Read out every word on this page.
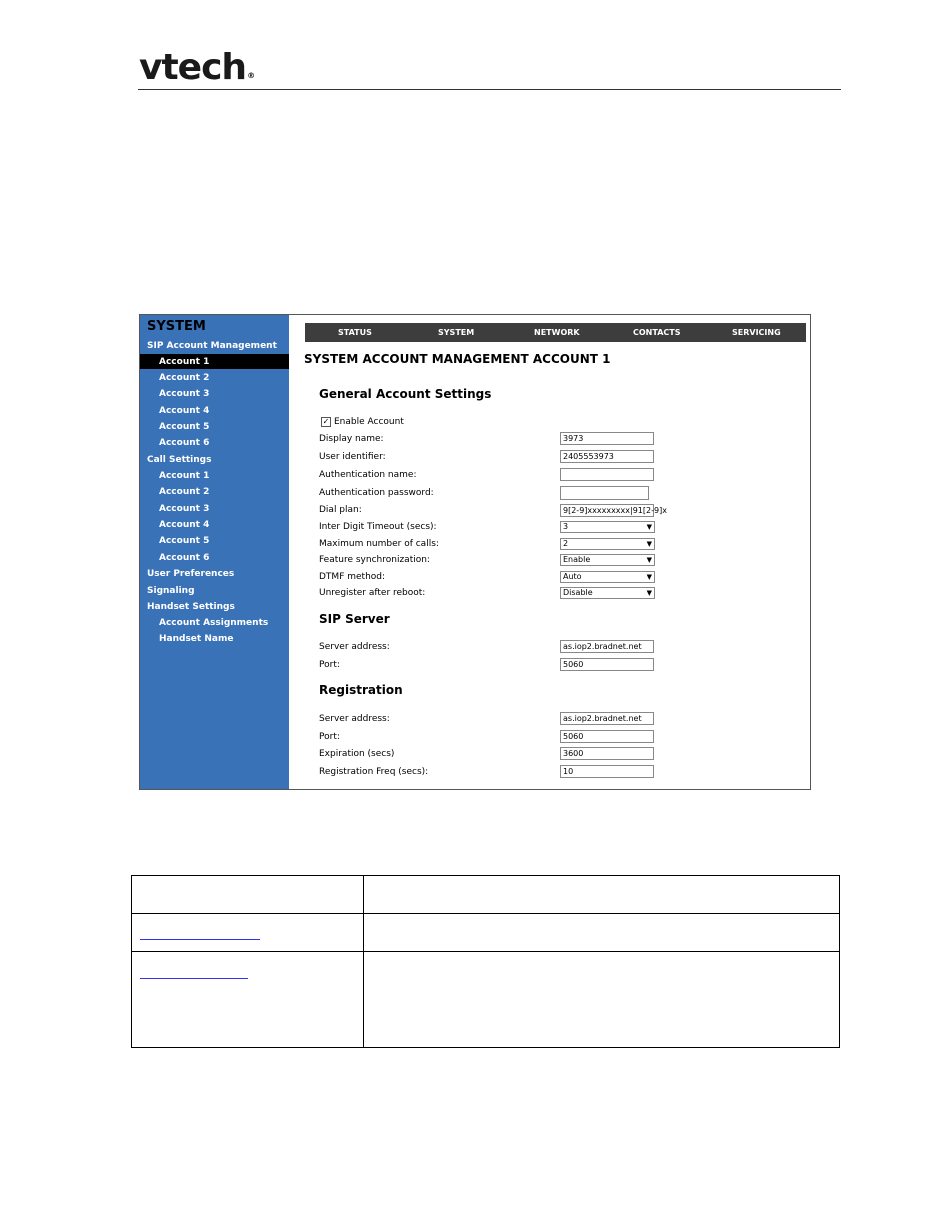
vtech®
SYSTEM
SIP Account Management
Account 1
Account 2
Account 3
Account 4
Account 5
Account 6
Call Settings
Account 1
Account 2
Account 3
Account 4
Account 5
Account 6
User Preferences
Signaling
Handset Settings
Account Assignments
Handset Name
STATUS	SYSTEM	NETWORK	CONTACTS	SERVICING
SYSTEM ACCOUNT MANAGEMENT ACCOUNT 1
General Account Settings
✓ Enable Account
Display name:	3973
User identifier:	2405553973
Authentication name:
Authentication password:
Dial plan:	9[2-9]xxxxxxxxx|91[2-9]x
Inter Digit Timeout (secs):	3	▼
Maximum number of calls:	2	▼
Feature synchronization:	Enable	▼
DTMF method:	Auto	▼
Unregister after reboot:	Disable	▼
SIP Server
Server address:	as.iop2.bradnet.net
Port:	5060
Registration
Server address:	as.iop2.bradnet.net
Port:	5060
Expiration (secs)	3600
Registration Freq (secs):	10
